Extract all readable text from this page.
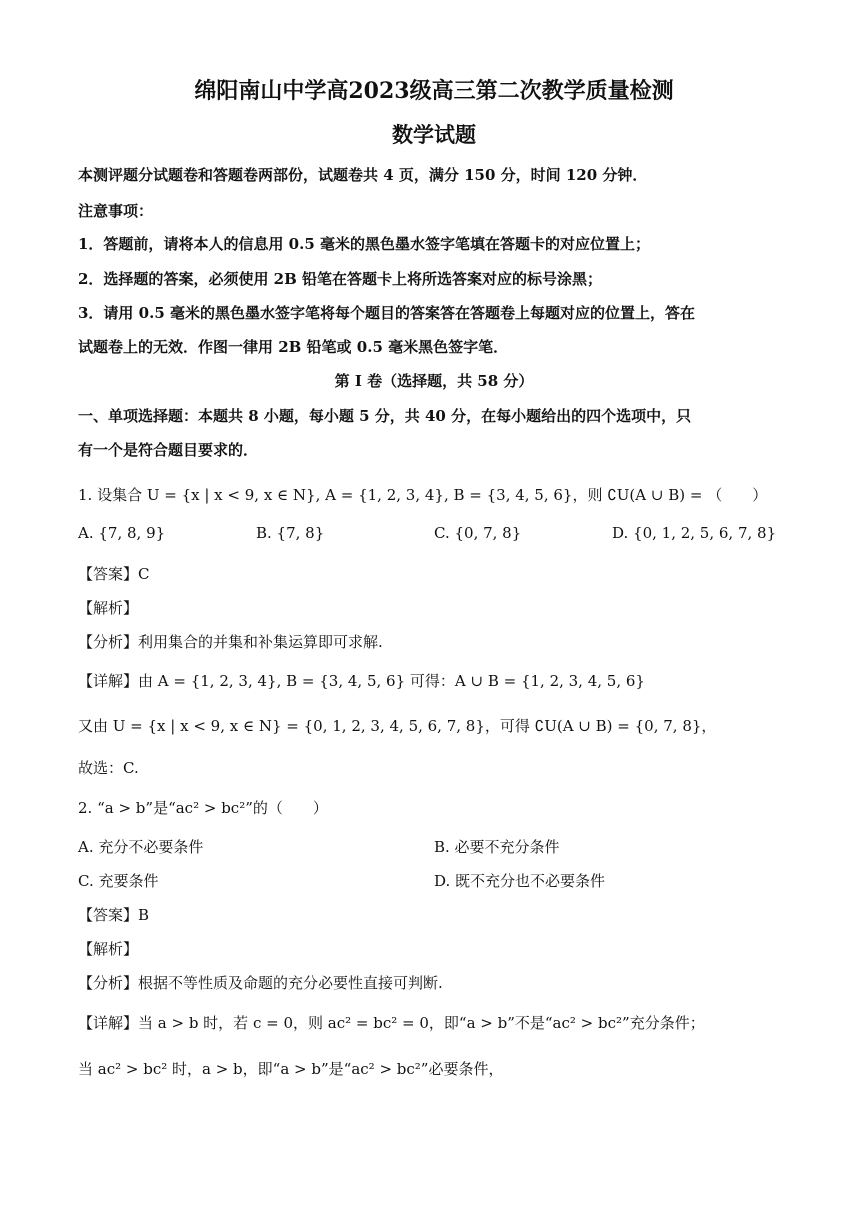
绵阳南山中学高2023级高三第二次教学质量检测
数学试题
本测评题分试题卷和答题卷两部份，试题卷共 4 页，满分 150 分，时间 120 分钟．
注意事项：
1．答题前，请将本人的信息用 0.5 毫米的黑色墨水签字笔填在答题卡的对应位置上；
2．选择题的答案，必须使用 2B 铅笔在答题卡上将所选答案对应的标号涂黑；
3．请用 0.5 毫米的黑色墨水签字笔将每个题目的答案答在答题卷上每题对应的位置上，答在
试题卷上的无效．作图一律用 2B 铅笔或 0.5 毫米黑色签字笔．
第 I 卷（选择题，共 58 分）
一、单项选择题：本题共 8 小题，每小题 5 分，共 40 分，在每小题给出的四个选项中，只
有一个是符合题目要求的．
1. 设集合 U = {x | x < 9, x ∈ N}, A = {1, 2, 3, 4}, B = {3, 4, 5, 6}，则 ∁U(A ∪ B) = （　　）
A. {7, 8, 9}	B. {7, 8}	C. {0, 7, 8}	D. {0, 1, 2, 5, 6, 7, 8}
【答案】C
【解析】
【分析】利用集合的并集和补集运算即可求解.
【详解】由 A = {1, 2, 3, 4}, B = {3, 4, 5, 6} 可得：A ∪ B = {1, 2, 3, 4, 5, 6}
又由 U = {x | x < 9, x ∈ N} = {0, 1, 2, 3, 4, 5, 6, 7, 8}，可得 ∁U(A ∪ B) = {0, 7, 8}，
故选：C.
2. “a > b”是“ac² > bc²”的（　　）
A. 充分不必要条件	B. 必要不充分条件
C. 充要条件	D. 既不充分也不必要条件
【答案】B
【解析】
【分析】根据不等性质及命题的充分必要性直接可判断.
【详解】当 a > b 时，若 c = 0，则 ac² = bc² = 0，即“a > b”不是“ac² > bc²”充分条件；
当 ac² > bc² 时，a > b，即“a > b”是“ac² > bc²”必要条件，
